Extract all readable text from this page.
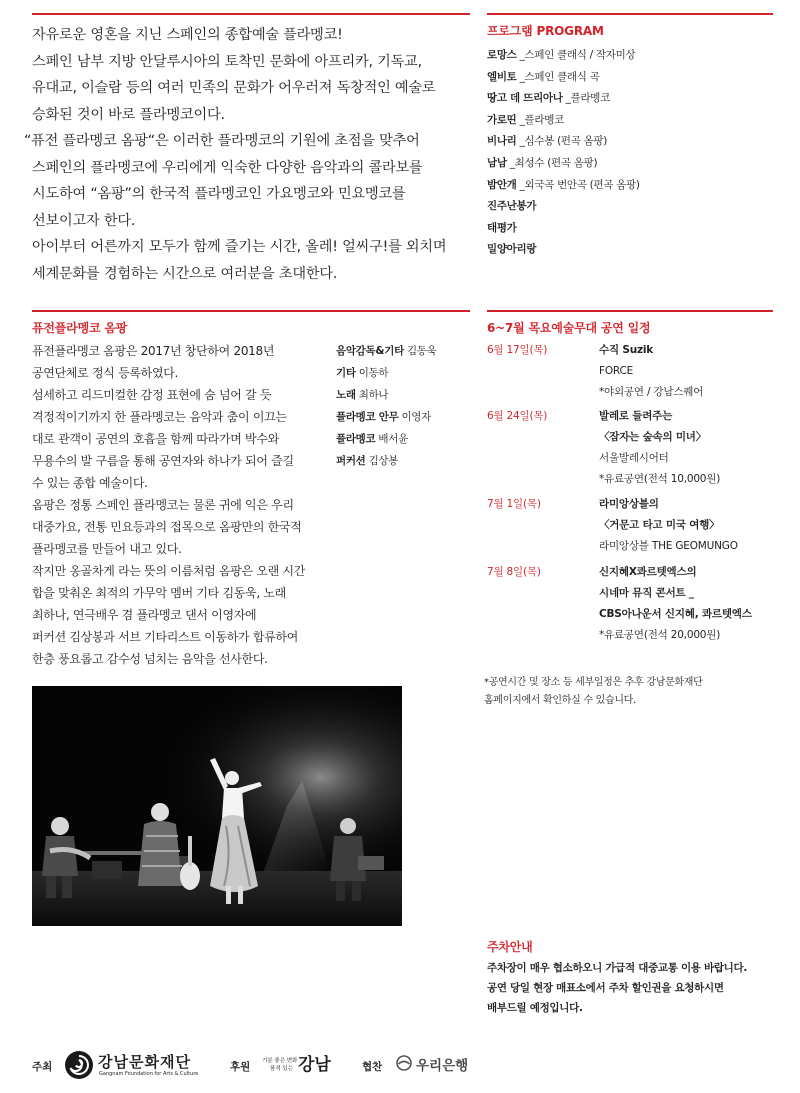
자유로운 영혼을 지닌 스페인의 종합예술 플라멩코!

스페인 남부 지방 안달루시아의 토착민 문화에 아프리카, 기독교,

유대교, 이슬람 등의 여러 민족의 문화가 어우러져 독창적인 예술로

승화된 것이 바로 플라멩코이다.

“퓨전 플라멩코 옴팡“은 이러한 플라멩코의 기원에 초점을 맞추어

스페인의 플라멩코에 우리에게 익숙한 다양한 음악과의 콜라보를

시도하여 “옴팡”의 한국적 플라멩코인 가요멩코와 민요멩코를

선보이고자 한다.

아이부터 어른까지 모두가 함께 즐기는 시간, 올레! 얼씨구!를 외치며

세계문화를 경험하는 시간으로 여러분을 초대한다.

프로그램 PROGRAM
로망스 _스페인 클래식 / 작자미상
엘비토 _스페인 클래식 곡
땅고 데 뜨리아나 _플라멩코
가로띤 _플라멩코
비나리 _심수봉 (편곡 옴팡)
남남 _최성수 (편곡 옴팡)
밤안개 _외국곡 번안곡 (편곡 옴팡)
진주난봉가
태평가
밀양아리랑
퓨전플라멩코 옴팡

퓨전플라멩코 옴팡은 2017년 창단하여 2018년

공연단체로 정식 등록하였다.

섬세하고 리드미컬한 감정 표현에 숨 넘어 갈 듯

격정적이기까지 한 플라멩코는 음악과 춤이 이끄는

대로 관객이 공연의 호흡을 함께 따라가며 박수와

무용수의 발 구름을 통해 공연자와 하나가 되어 즐길

수 있는 종합 예술이다.

옴팡은 정통 스페인 플라멩코는 물론 귀에 익은 우리

대중가요, 전통 민요등과의 접목으로 옴팡만의 한국적

플라멩코를 만들어 내고 있다.

작지만 옹골차게 라는 뜻의 이름처럼 옴팡은 오랜 시간

합을 맞춰온 최적의 가무악 멤버 기타 김동욱, 노래

최하나, 연극배우 겸 플라멩코 댄서 이영자에

퍼커션 김상봉과 서브 기타리스트 이동하가 합류하여

한층 풍요롭고 감수성 넘치는 음악을 선사한다.

음악감독&기타 김동욱
기타 이동하
노래 최하나
플라멩코 안무 이영자
플라멩코 배서윤
퍼커션 김상봉
6~7월 목요예술무대 공연 일정
6월 17일(목)	수직 Suzik

FORCE

*야외공연 / 강남스퀘어

6월 24일(목)	발레로 들려주는

〈잠자는 숲속의 미녀〉

서울발레시어터

*유료공연(전석 10,000원)

7월 1일(목)	라미앙상블의

〈거문고 타고 미국 여행〉

라미앙상블 THE GEOMUNGO

7월 8일(목)	신지혜X콰르텟엑스의

시네마 뮤직 콘서트 _

CBS아나운서 신지혜, 콰르텟엑스

*유료공연(전석 20,000원)

*공연시간 및 장소 등 세부일정은 추후 강남문화재단

홈페이지에서 확인하실 수 있습니다.

주차안내

주차장이 매우 협소하오니 가급적 대중교통 이용 바랍니다.

공연 당일 현장 매표소에서 주차 할인권을 요청하시면

배부드릴 예정입니다.

주최	강남문화재단
Gangnam Foundation for Arts & Culture
후원 기분 좋은 변화
품격 있는 강남	협찬 우리은행
